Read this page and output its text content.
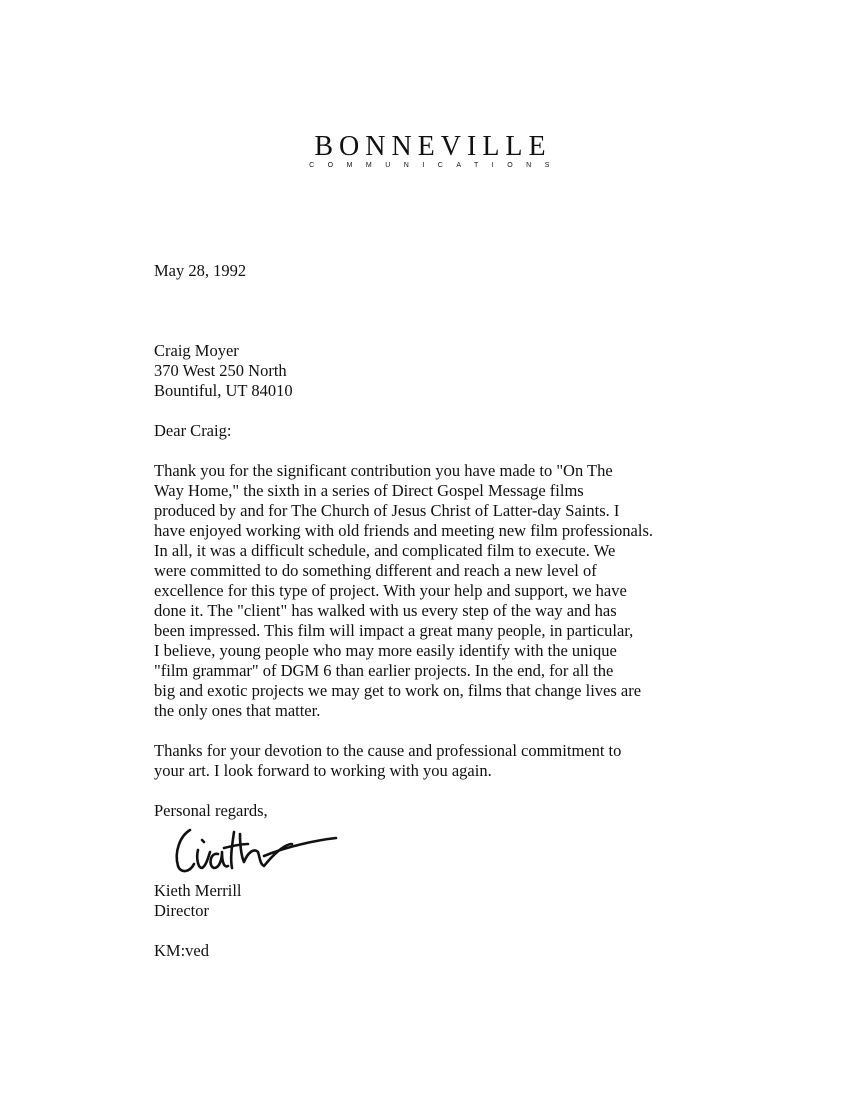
BONNEVILLE
COMMUNICATIONS
May 28, 1992
Craig Moyer
370 West 250 North
Bountiful, UT 84010
Dear Craig:
Thank you for the significant contribution you have made to "On The
Way Home," the sixth in a series of Direct Gospel Message films
produced by and for The Church of Jesus Christ of Latter-day Saints. I
have enjoyed working with old friends and meeting new film professionals.
In all, it was a difficult schedule, and complicated film to execute. We
were committed to do something different and reach a new level of
excellence for this type of project. With your help and support, we have
done it. The "client" has walked with us every step of the way and has
been impressed. This film will impact a great many people, in particular,
I believe, young people who may more easily identify with the unique
"film grammar" of DGM 6 than earlier projects. In the end, for all the
big and exotic projects we may get to work on, films that change lives are
the only ones that matter.
Thanks for your devotion to the cause and professional commitment to
your art. I look forward to working with you again.
Personal regards,
Kieth Merrill
Director
KM:ved
